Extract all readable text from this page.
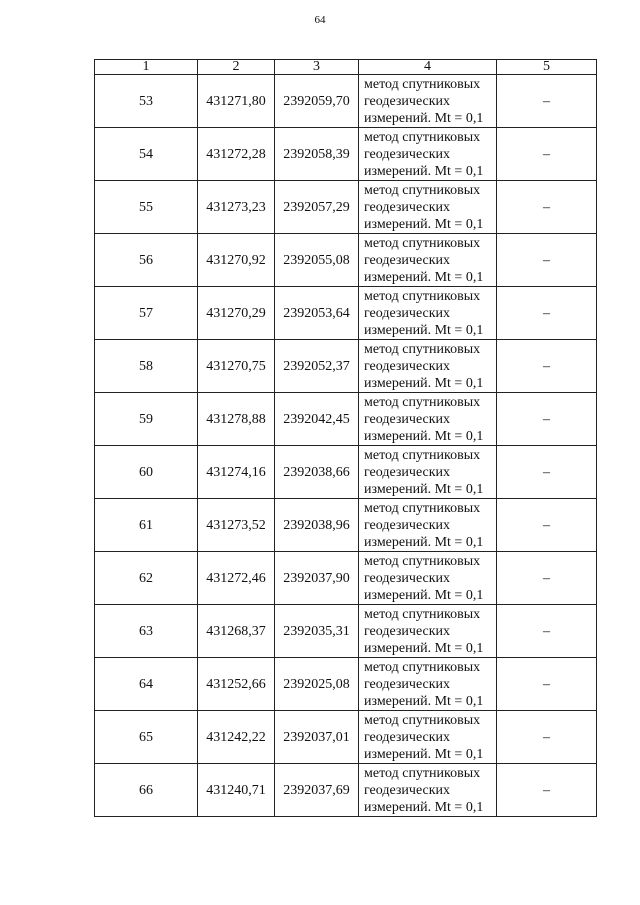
64
1	2	3	4	5
53	431271,80	2392059,70	метод спутниковых
геодезических
измерений. Mt = 0,1	–
54	431272,28	2392058,39	метод спутниковых
геодезических
измерений. Mt = 0,1	–
55	431273,23	2392057,29	метод спутниковых
геодезических
измерений. Mt = 0,1	–
56	431270,92	2392055,08	метод спутниковых
геодезических
измерений. Mt = 0,1	–
57	431270,29	2392053,64	метод спутниковых
геодезических
измерений. Mt = 0,1	–
58	431270,75	2392052,37	метод спутниковых
геодезических
измерений. Mt = 0,1	–
59	431278,88	2392042,45	метод спутниковых
геодезических
измерений. Mt = 0,1	–
60	431274,16	2392038,66	метод спутниковых
геодезических
измерений. Mt = 0,1	–
61	431273,52	2392038,96	метод спутниковых
геодезических
измерений. Mt = 0,1	–
62	431272,46	2392037,90	метод спутниковых
геодезических
измерений. Mt = 0,1	–
63	431268,37	2392035,31	метод спутниковых
геодезических
измерений. Mt = 0,1	–
64	431252,66	2392025,08	метод спутниковых
геодезических
измерений. Mt = 0,1	–
65	431242,22	2392037,01	метод спутниковых
геодезических
измерений. Mt = 0,1	–
66	431240,71	2392037,69	метод спутниковых
геодезических
измерений. Mt = 0,1	–
